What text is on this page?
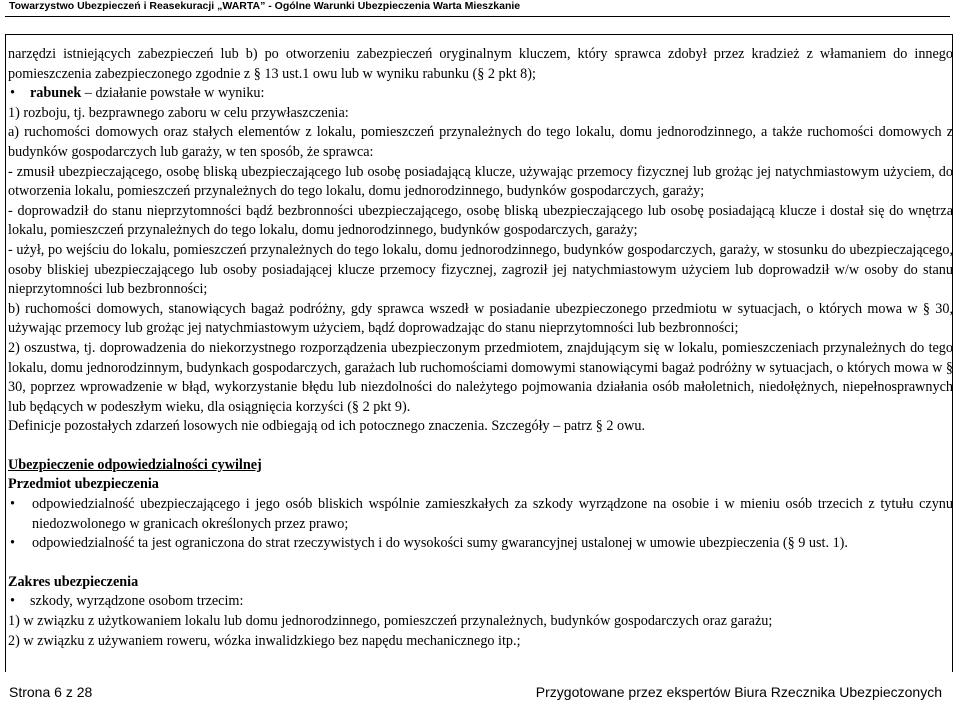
Towarzystwo Ubezpieczeń i Reasekuracji „WARTA” - Ogólne Warunki Ubezpieczenia Warta Mieszkanie

narzędzi istniejących zabezpieczeń lub b) po otworzeniu zabezpieczeń oryginalnym kluczem, który sprawca zdobył przez kradzież z włamaniem do innego pomieszczenia zabezpieczonego zgodnie z § 13 ust.1 owu lub w wyniku rabunku (§ 2 pkt 8);

• rabunek – działanie powstałe w wyniku:

1) rozboju, tj. bezprawnego zaboru w celu przywłaszczenia:

a) ruchomości domowych oraz stałych elementów z lokalu, pomieszczeń przynależnych do tego lokalu, domu jednorodzinnego, a także ruchomości domowych z budynków gospodarczych lub garaży, w ten sposób, że sprawca:

- zmusił ubezpieczającego, osobę bliską ubezpieczającego lub osobę posiadającą klucze, używając przemocy fizycznej lub grożąc jej natychmiastowym użyciem, do otworzenia lokalu, pomieszczeń przynależnych do tego lokalu, domu jednorodzinnego, budynków gospodarczych, garaży;

- doprowadził do stanu nieprzytomności bądź bezbronności ubezpieczającego, osobę bliską ubezpieczającego lub osobę posiadającą klucze i dostał się do wnętrza lokalu, pomieszczeń przynależnych do tego lokalu, domu jednorodzinnego, budynków gospodarczych, garaży;

- użył, po wejściu do lokalu, pomieszczeń przynależnych do tego lokalu, domu jednorodzinnego, budynków gospodarczych, garaży, w stosunku do ubezpieczającego, osoby bliskiej ubezpieczającego lub osoby posiadającej klucze przemocy fizycznej, zagroził jej natychmiastowym użyciem lub doprowadził w/w osoby do stanu nieprzytomności lub bezbronności;

b) ruchomości domowych, stanowiących bagaż podróżny, gdy sprawca wszedł w posiadanie ubezpieczonego przedmiotu w sytuacjach, o których mowa w § 30, używając przemocy lub grożąc jej natychmiastowym użyciem, bądź doprowadzając do stanu nieprzytomności lub bezbronności;

2) oszustwa, tj. doprowadzenia do niekorzystnego rozporządzenia ubezpieczonym przedmiotem, znajdującym się w lokalu, pomieszczeniach przynależnych do tego lokalu, domu jednorodzinnym, budynkach gospodarczych, garażach lub ruchomościami domowymi stanowiącymi bagaż podróżny w sytuacjach, o których mowa w § 30, poprzez wprowadzenie w błąd, wykorzystanie błędu lub niezdolności do należytego pojmowania działania osób małoletnich, niedołężnych, niepełnosprawnych lub będących w podeszłym wieku, dla osiągnięcia korzyści (§ 2 pkt 9).

Definicje pozostałych zdarzeń losowych nie odbiegają od ich potocznego znaczenia. Szczegóły – patrz § 2 owu.

Ubezpieczenie odpowiedzialności cywilnej

Przedmiot ubezpieczenia

• odpowiedzialność ubezpieczającego i jego osób bliskich wspólnie zamieszkałych za szkody wyrządzone na osobie i w mieniu osób trzecich z tytułu czynu niedozwolonego w granicach określonych przez prawo;

• odpowiedzialność ta jest ograniczona do strat rzeczywistych i do wysokości sumy gwarancyjnej ustalonej w umowie ubezpieczenia (§ 9 ust. 1).

Zakres ubezpieczenia

• szkody, wyrządzone osobom trzecim:

1) w związku z użytkowaniem lokalu lub domu jednorodzinnego, pomieszczeń przynależnych, budynków gospodarczych oraz garażu;

2) w związku z używaniem roweru, wózka inwalidzkiego bez napędu mechanicznego itp.;

Strona 6 z 28	Przygotowane przez ekspertów Biura Rzecznika Ubezpieczonych
